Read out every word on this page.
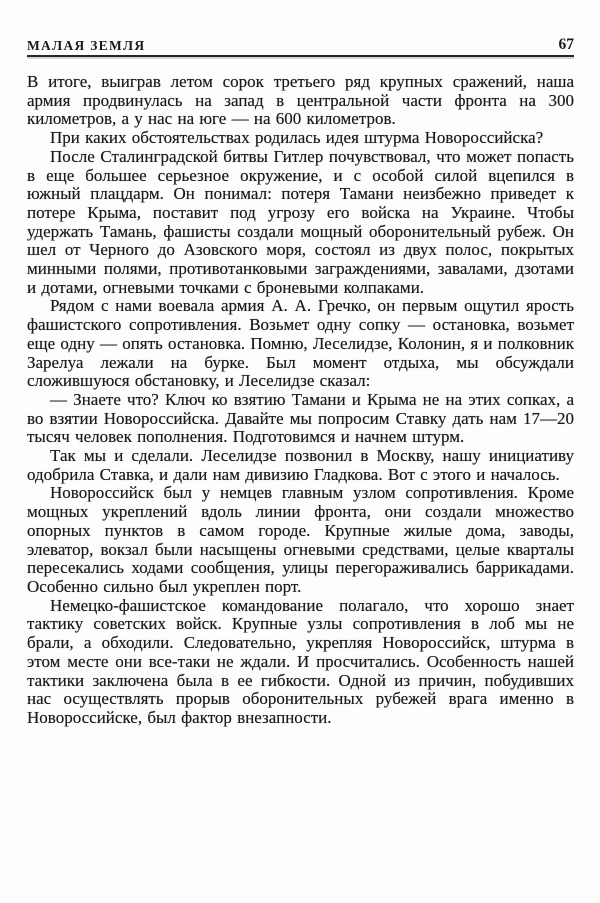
МАЛАЯ ЗЕМЛЯ	67

В итоге, выиграв летом сорок третьего ряд крупных сражений, наша армия продвинулась на запад в центральной части фронта на 300 километров, а у нас на юге — на 600 километров.

При каких обстоятельствах родилась идея штурма Новороссийска?

После Сталинградской битвы Гитлер почувствовал, что может попасть в еще большее серьезное окружение, и с особой силой вцепился в южный плацдарм. Он понимал: потеря Тамани неизбежно приведет к потере Крыма, поставит под угрозу его войска на Украине. Чтобы удержать Тамань, фашисты создали мощный оборонительный рубеж. Он шел от Черного до Азовского моря, состоял из двух полос, покрытых минными полями, противотанковыми заграждениями, завалами, дзотами и дотами, огневыми точками с броневыми колпаками.

Рядом с нами воевала армия А. А. Гречко, он первым ощутил ярость фашистского сопротивления. Возьмет одну сопку — остановка, возьмет еще одну — опять остановка. Помню, Леселидзе, Колонин, я и полковник Зарелуа лежали на бурке. Был момент отдыха, мы обсуждали сложившуюся обстановку, и Леселидзе сказал:

— Знаете что? Ключ ко взятию Тамани и Крыма не на этих сопках, а во взятии Новороссийска. Давайте мы попросим Ставку дать нам 17—20 тысяч человек пополнения. Подготовимся и начнем штурм.

Так мы и сделали. Леселидзе позвонил в Москву, нашу инициативу одобрила Ставка, и дали нам дивизию Гладкова. Вот с этого и началось.

Новороссийск был у немцев главным узлом сопротивления. Кроме мощных укреплений вдоль линии фронта, они создали множество опорных пунктов в самом городе. Крупные жилые дома, заводы, элеватор, вокзал были насыщены огневыми средствами, целые кварталы пересекались ходами сообщения, улицы перегораживались баррикадами. Особенно сильно был укреплен порт.

Немецко-фашистское командование полагало, что хорошо знает тактику советских войск. Крупные узлы сопротивления в лоб мы не брали, а обходили. Следовательно, укрепляя Новороссийск, штурма в этом месте они все-таки не ждали. И просчитались. Особенность нашей тактики заключена была в ее гибкости. Одной из причин, побудивших нас осуществлять прорыв оборонительных рубежей врага именно в Новороссийске, был фактор внезапности.
